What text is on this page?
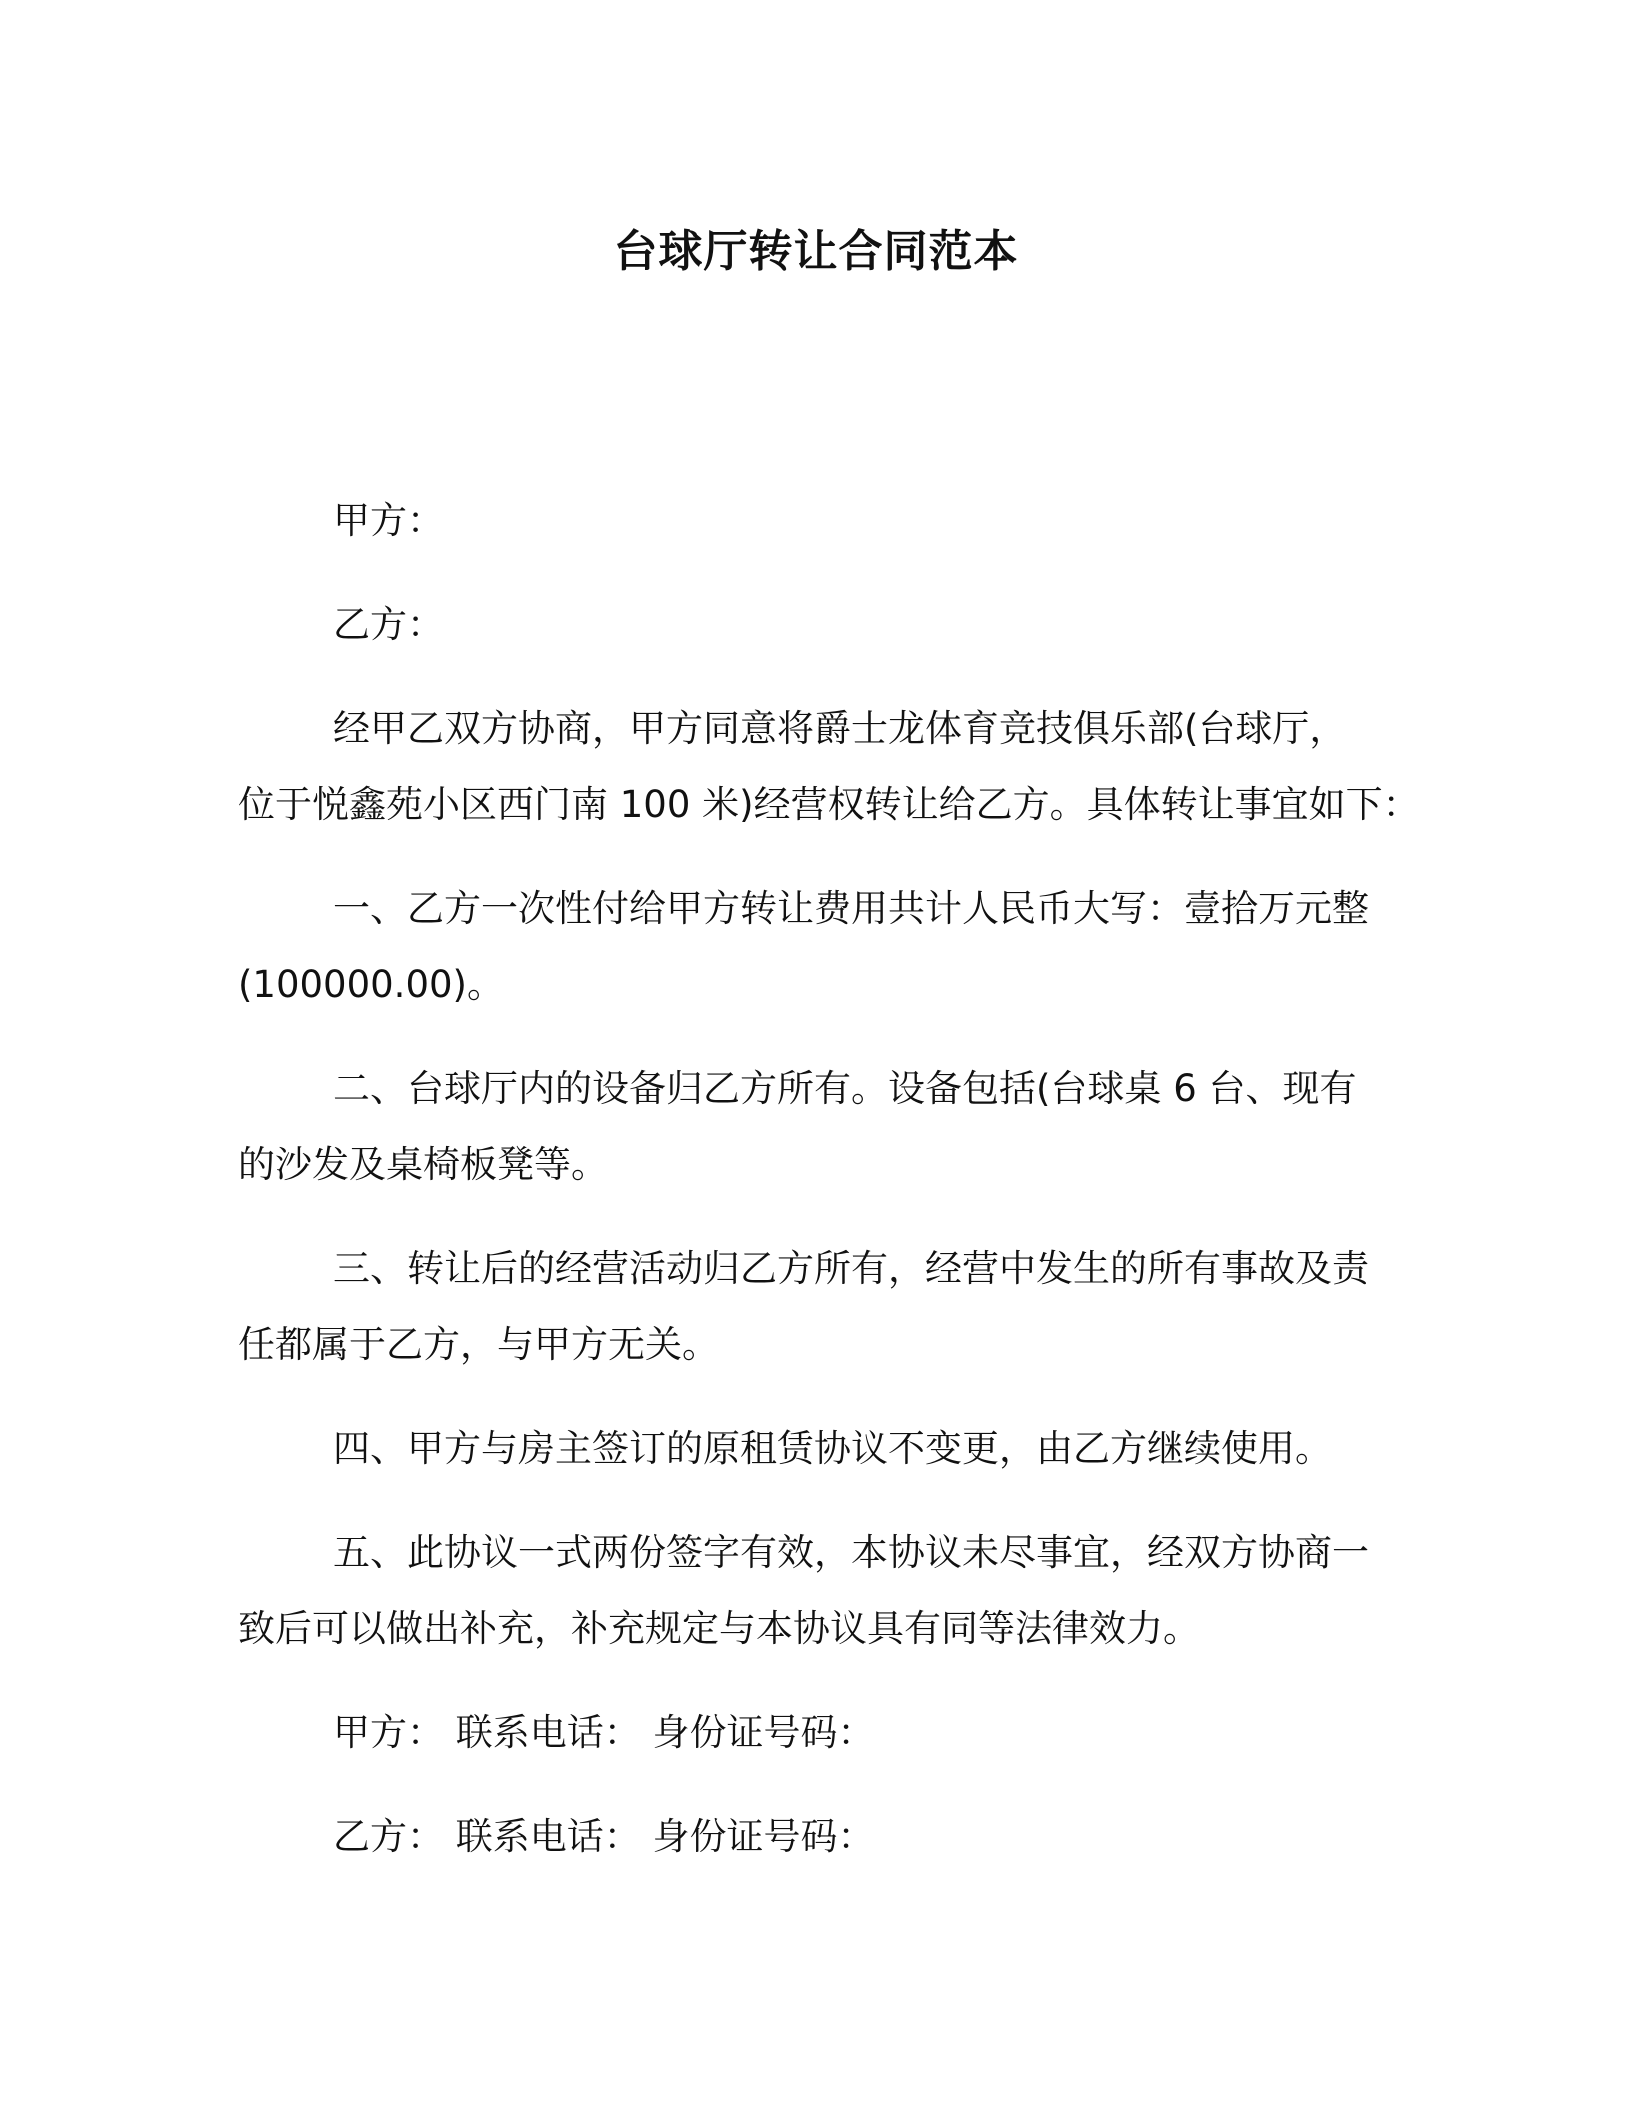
台球厅转让合同范本
甲方：
乙方：
经甲乙双方协商，甲方同意将爵士龙体育竞技俱乐部(台球厅，
位于悦鑫苑小区西门南 100 米)经营权转让给乙方。具体转让事宜如下：
一、乙方一次性付给甲方转让费用共计人民币大写：壹拾万元整
(100000.00)。
二、台球厅内的设备归乙方所有。设备包括(台球桌 6 台、现有
的沙发及桌椅板凳等。
三、转让后的经营活动归乙方所有，经营中发生的所有事故及责
任都属于乙方，与甲方无关。
四、甲方与房主签订的原租赁协议不变更，由乙方继续使用。
五、此协议一式两份签字有效，本协议未尽事宜，经双方协商一
致后可以做出补充，补充规定与本协议具有同等法律效力。
甲方： 联系电话： 身份证号码：
乙方： 联系电话： 身份证号码：
